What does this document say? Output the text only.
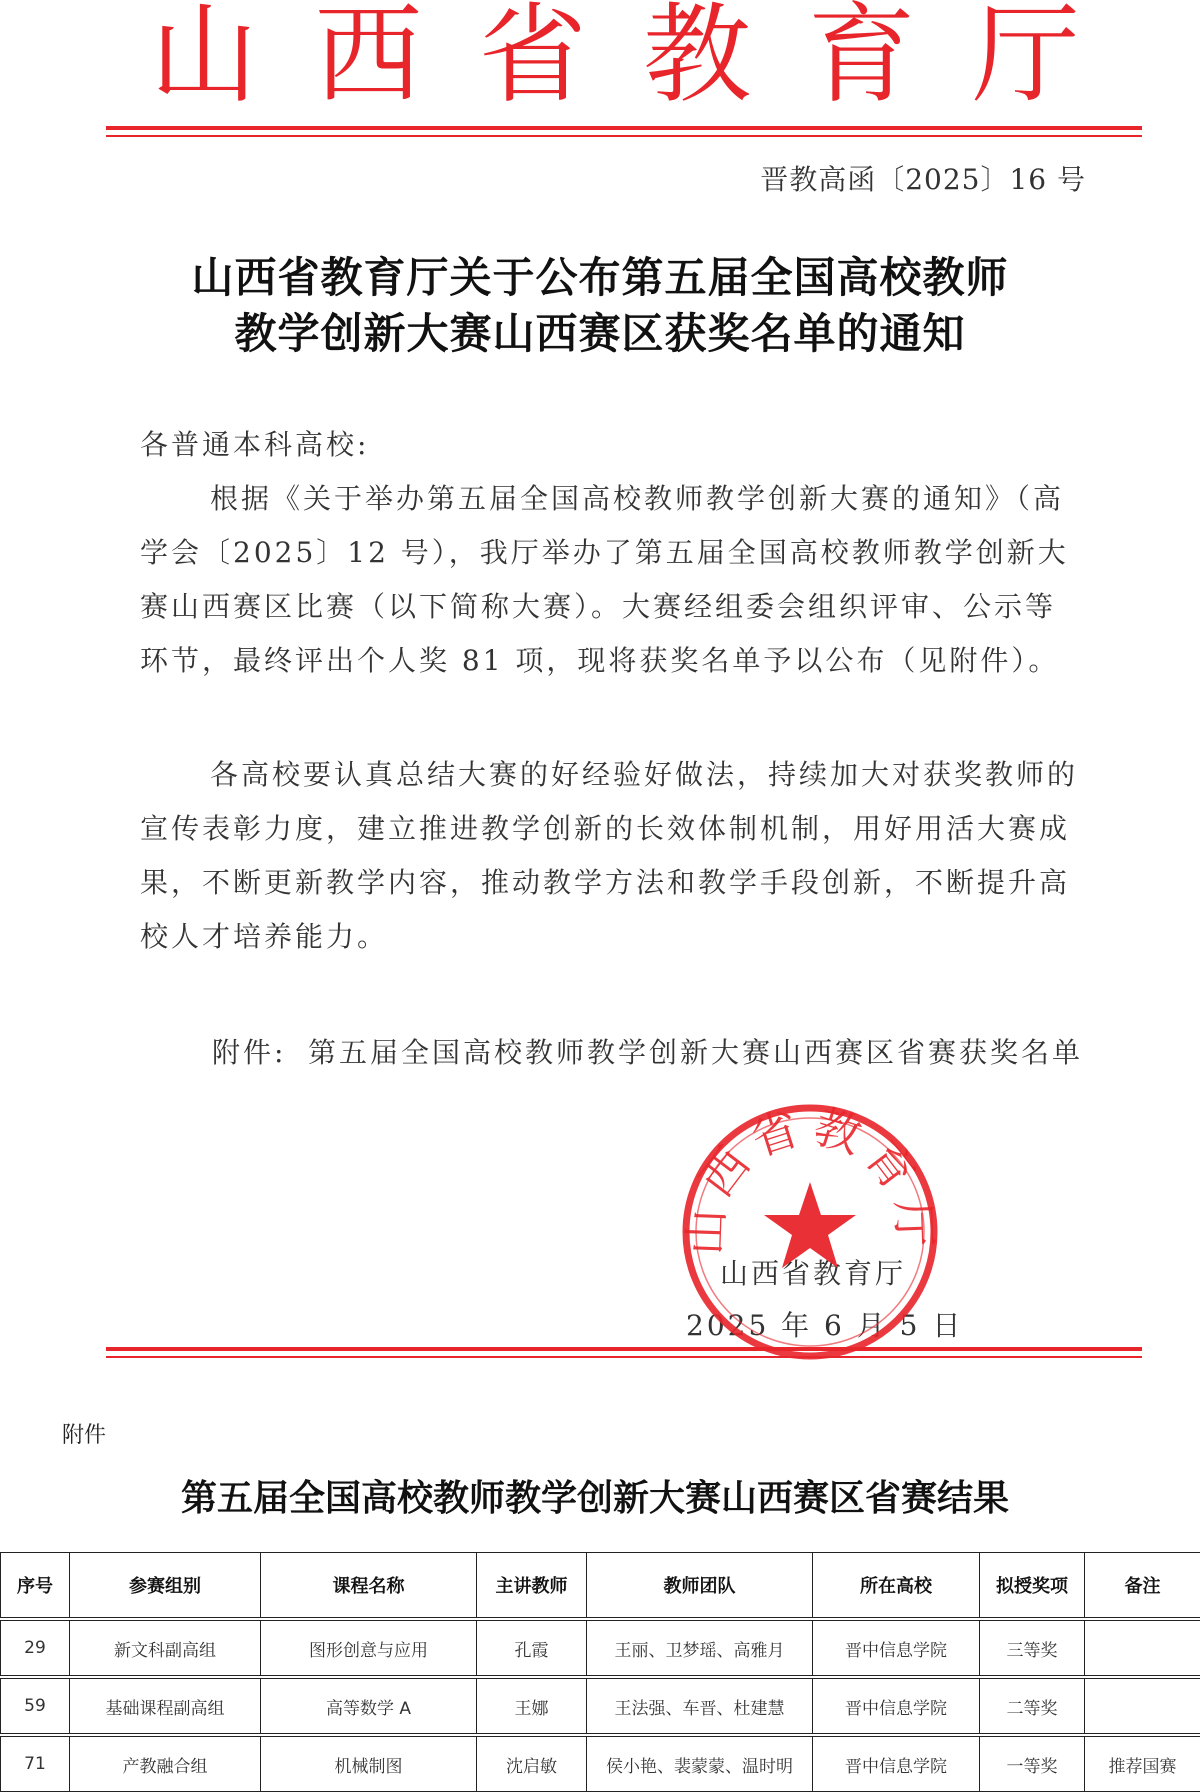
山 西 省 教 育 厅
晋教高函〔2025〕16 号
山西省教育厅关于公布第五届全国高校教师
教学创新大赛山西赛区获奖名单的通知
各普通本科高校:
根据《关于举办第五届全国高校教师教学创新大赛的通知》（高学会〔2025〕12 号），我厅举办了第五届全国高校教师教学创新大赛山西赛区比赛（以下简称大赛）。大赛经组委会组织评审、公示等环节，最终评出个人奖 81 项，现将获奖名单予以公布（见附件）。
各高校要认真总结大赛的好经验好做法，持续加大对获奖教师的宣传表彰力度，建立推进教学创新的长效体制机制，用好用活大赛成果，不断更新教学内容，推动教学方法和教学手段创新，不断提升高校人才培养能力。
附件: 第五届全国高校教师教学创新大赛山西赛区省赛获奖名单
山西省教育厅
2025 年 6 月 5 日
山西省教育厅
附件
第五届全国高校教师教学创新大赛山西赛区省赛结果
序号	参赛组别	课程名称	主讲教师	教师团队	所在高校	拟授奖项	备注
29	新文科副高组	图形创意与应用	孔霞	王丽、卫梦瑶、高雅月	晋中信息学院	三等奖	
59	基础课程副高组	高等数学 A	王娜	王法强、车晋、杜建慧	晋中信息学院	二等奖	
71	产教融合组	机械制图	沈启敏	侯小艳、裴蒙蒙、温时明	晋中信息学院	一等奖	推荐国赛
